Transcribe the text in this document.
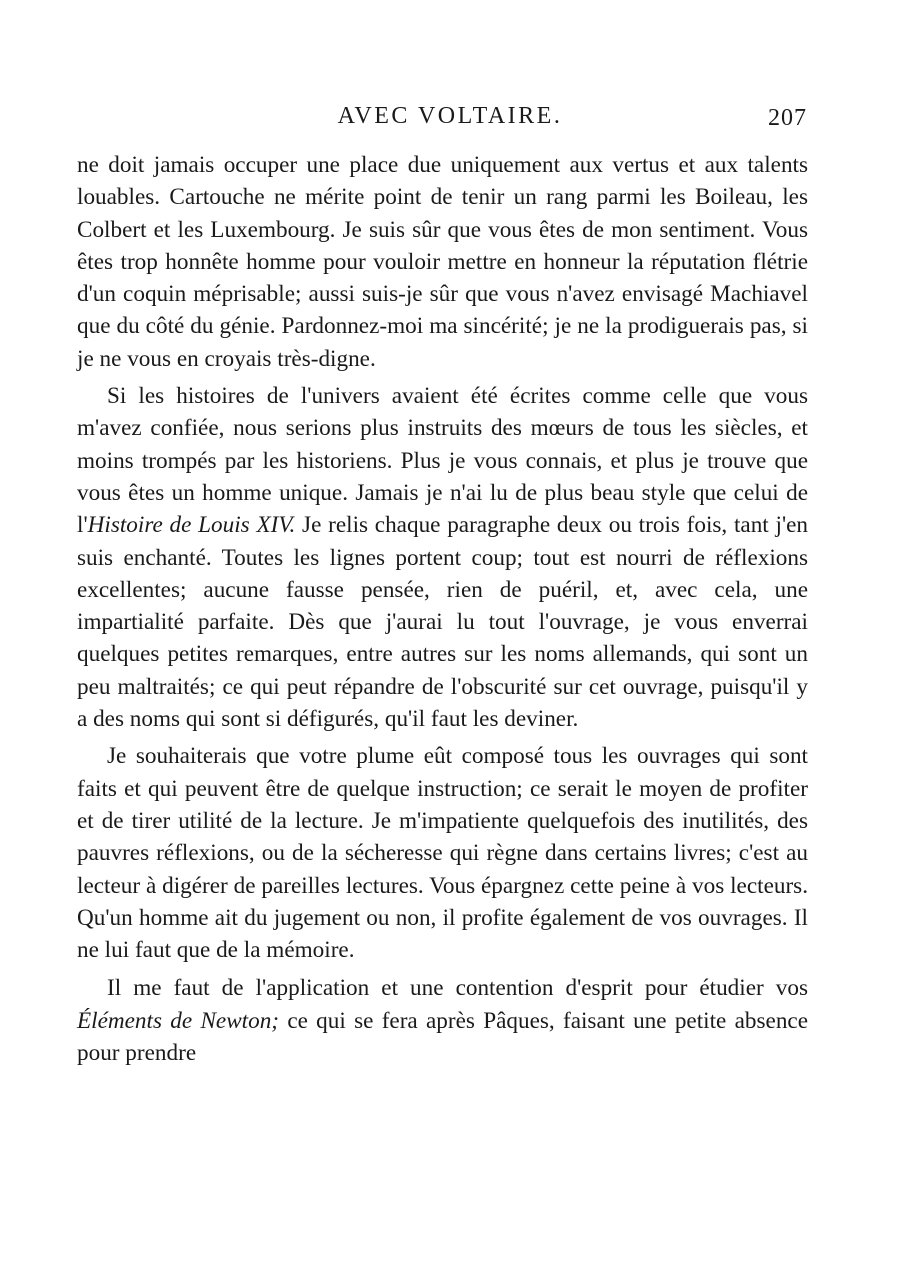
AVEC VOLTAIRE.	207

ne doit jamais occuper une place due uniquement aux vertus et aux talents louables. Cartouche ne mérite point de tenir un rang parmi les Boileau, les Colbert et les Luxembourg. Je suis sûr que vous êtes de mon sentiment. Vous êtes trop honnête homme pour vouloir mettre en honneur la réputation flétrie d'un coquin méprisable; aussi suis-je sûr que vous n'avez envisagé Machiavel que du côté du génie. Pardonnez-moi ma sincérité; je ne la prodiguerais pas, si je ne vous en croyais très-digne.

Si les histoires de l'univers avaient été écrites comme celle que vous m'avez confiée, nous serions plus instruits des mœurs de tous les siècles, et moins trompés par les historiens. Plus je vous connais, et plus je trouve que vous êtes un homme unique. Jamais je n'ai lu de plus beau style que celui de l'Histoire de Louis XIV. Je relis chaque paragraphe deux ou trois fois, tant j'en suis enchanté. Toutes les lignes portent coup; tout est nourri de réflexions excellentes; aucune fausse pensée, rien de puéril, et, avec cela, une impartialité parfaite. Dès que j'aurai lu tout l'ouvrage, je vous enverrai quelques petites remarques, entre autres sur les noms allemands, qui sont un peu maltraités; ce qui peut répandre de l'obscurité sur cet ouvrage, puisqu'il y a des noms qui sont si défigurés, qu'il faut les deviner.

Je souhaiterais que votre plume eût composé tous les ouvrages qui sont faits et qui peuvent être de quelque instruction; ce serait le moyen de profiter et de tirer utilité de la lecture. Je m'impatiente quelquefois des inutilités, des pauvres réflexions, ou de la sécheresse qui règne dans certains livres; c'est au lecteur à digérer de pareilles lectures. Vous épargnez cette peine à vos lecteurs. Qu'un homme ait du jugement ou non, il profite également de vos ouvrages. Il ne lui faut que de la mémoire.

Il me faut de l'application et une contention d'esprit pour étudier vos Éléments de Newton; ce qui se fera après Pâques, faisant une petite absence pour prendre
